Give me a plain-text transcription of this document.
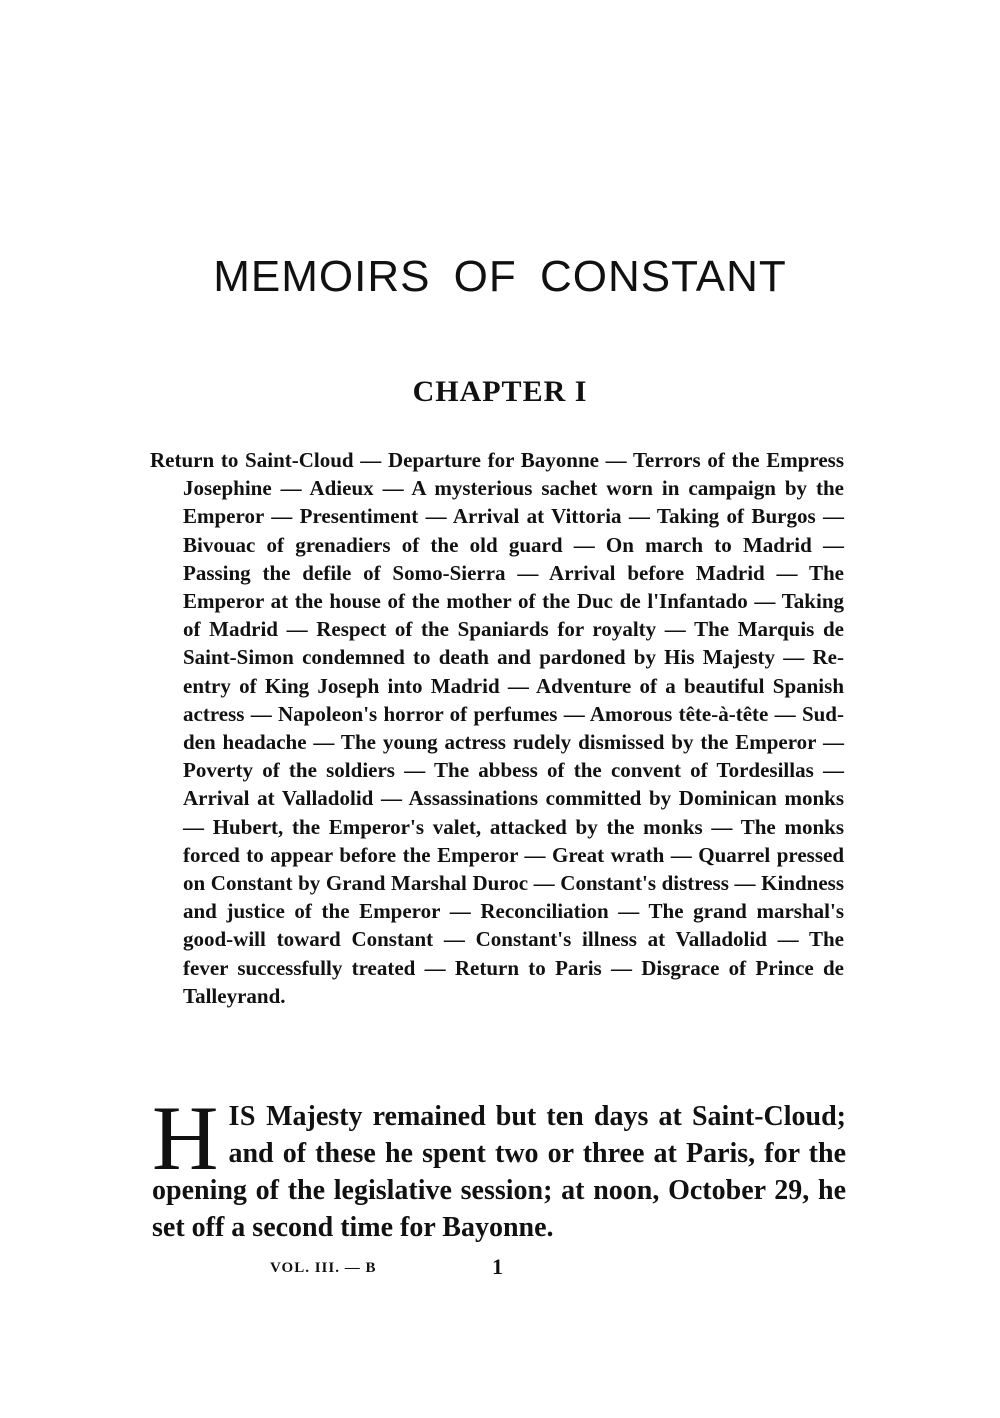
MEMOIRS OF CONSTANT
CHAPTER I

Return to Saint-Cloud — Departure for Bayonne — Terrors of the Empress Josephine — Adieux — A mysterious sachet worn in campaign by the Emperor — Presentiment — Arrival at Vittoria — Taking of Burgos — Bivouac of grenadiers of the old guard — On march to Madrid — Passing the defile of Somo-Sierra — Arrival before Madrid — The Emperor at the house of the mother of the Duc de l'Infantado — Taking of Madrid — Respect of the Spaniards for royalty — The Marquis de Saint-Simon condemned to death and pardoned by His Majesty — Re-entry of King Joseph into Madrid — Adventure of a beautiful Spanish actress — Napoleon's horror of perfumes — Amorous tête-à-tête — Sudden headache — The young actress rudely dismissed by the Emperor — Poverty of the soldiers — The abbess of the convent of Tordesillas — Arrival at Valladolid — Assassinations committed by Dominican monks — Hubert, the Emperor's valet, attacked by the monks — The monks forced to appear before the Emperor — Great wrath — Quarrel pressed on Constant by Grand Marshal Duroc — Constant's distress — Kindness and justice of the Emperor — Reconciliation — The grand marshal's good-will toward Constant — Constant's illness at Valladolid — The fever successfully treated — Return to Paris — Disgrace of Prince de Talleyrand.

HIS Majesty remained but ten days at Saint-Cloud; and of these he spent two or three at Paris, for the opening of the legislative session; at noon, October 29, he set off a second time for Bayonne.

VOL. III. — B	1
